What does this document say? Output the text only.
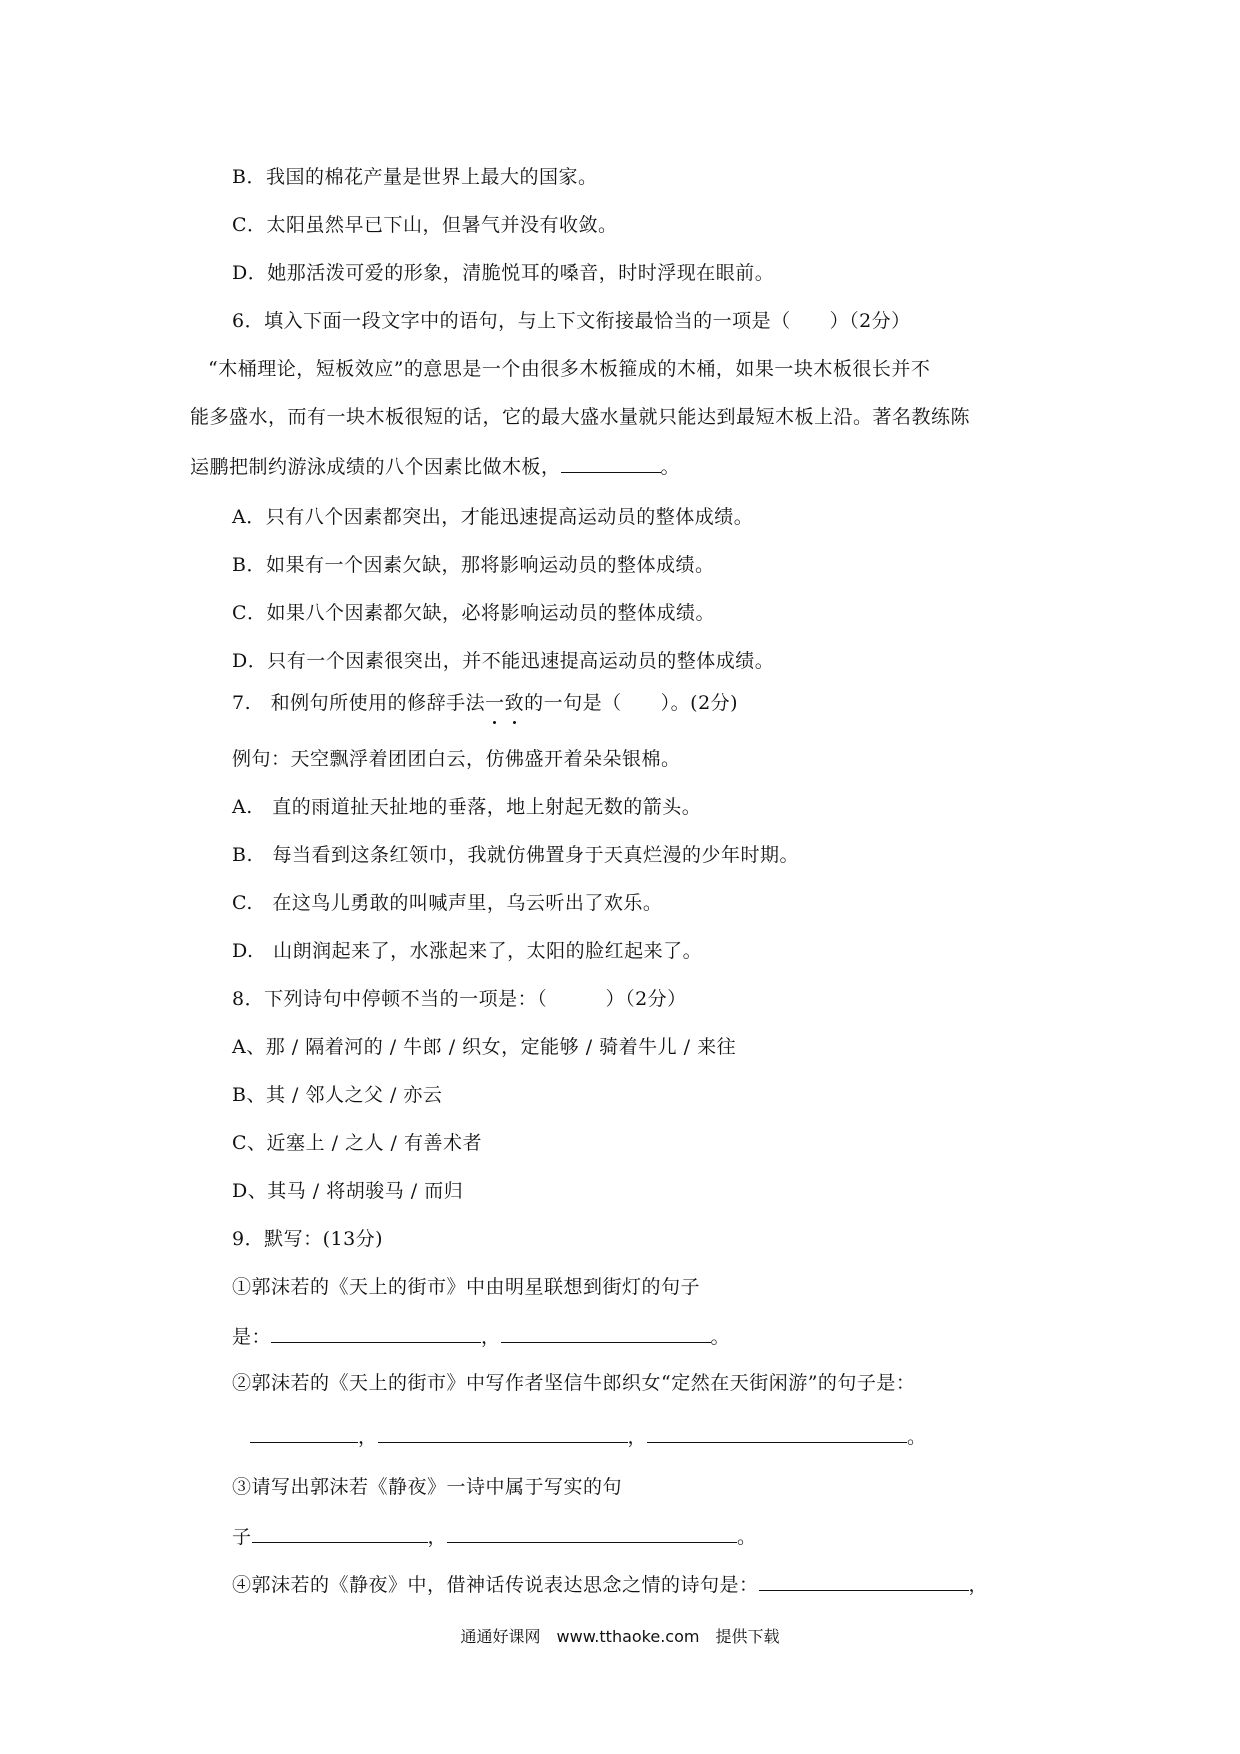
B．我国的棉花产量是世界上最大的国家。
C．太阳虽然早已下山，但暑气并没有收敛。
D．她那活泼可爱的形象，清脆悦耳的嗓音，时时浮现在眼前。
6．填入下面一段文字中的语句，与上下文衔接最恰当的一项是（　　）（2分）
“木桶理论，短板效应”的意思是一个由很多木板箍成的木桶，如果一块木板很长并不
能多盛水，而有一块木板很短的话，它的最大盛水量就只能达到最短木板上沿。著名教练陈
运鹏把制约游泳成绩的八个因素比做木板，	。
A．只有八个因素都突出，才能迅速提高运动员的整体成绩。
B．如果有一个因素欠缺，那将影响运动员的整体成绩。
C．如果八个因素都欠缺，必将影响运动员的整体成绩。
D．只有一个因素很突出，并不能迅速提高运动员的整体成绩。
7.　和例句所使用的修辞手法一致的一句是（　　）。(2分)
例句：天空飘浮着团团白云，仿佛盛开着朵朵银棉。
A.　直的雨道扯天扯地的垂落，地上射起无数的箭头。
B.　每当看到这条红领巾，我就仿佛置身于天真烂漫的少年时期。
C.　在这鸟儿勇敢的叫喊声里，乌云听出了欢乐。
D.　山朗润起来了，水涨起来了，太阳的脸红起来了。
8．下列诗句中停顿不当的一项是：（　　　）（2分）
A、那 / 隔着河的 / 牛郎 / 织女，定能够 / 骑着牛儿 / 来往
B、其 / 邻人之父 / 亦云
C、近塞上 / 之人 / 有善术者
D、其马 / 将胡骏马 / 而归
9．默写：(13分)
①郭沫若的《天上的街市》中由明星联想到街灯的句子
是：	，	。
②郭沫若的《天上的街市》中写作者坚信牛郎织女“定然在天街闲游”的句子是：
，	，	。
③请写出郭沫若《静夜》一诗中属于写实的句
子	，	。
④郭沫若的《静夜》中，借神话传说表达思念之情的诗句是：	，
通通好课网　www.tthaoke.com　提供下载
